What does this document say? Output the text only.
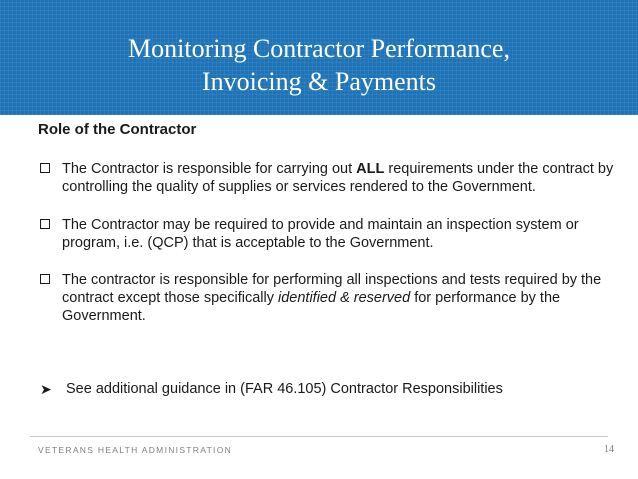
Monitoring Contractor Performance,
Invoicing & Payments
Role of the Contractor
The Contractor is responsible for carrying out ALL requirements under the contract by controlling the quality of supplies or services rendered to the Government.
The Contractor may be required to provide and maintain an inspection system or program, i.e. (QCP) that is acceptable to the Government.
The contractor is responsible for performing all inspections and tests required by the contract except those specifically identified & reserved for performance by the Government.
➤ See additional guidance in (FAR 46.105) Contractor Responsibilities
VETERANS HEALTH ADMINISTRATION	14
